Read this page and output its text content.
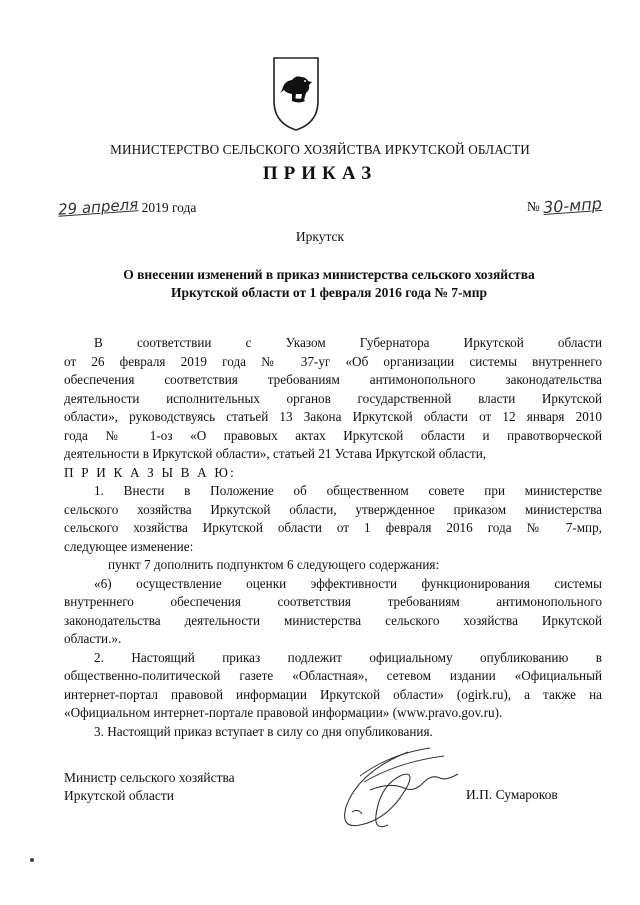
МИНИСТЕРСТВО СЕЛЬСКОГО ХОЗЯЙСТВА ИРКУТСКОЙ ОБЛАСТИ
ПРИКАЗ
29 апреля 2019 года	№ 30-мпр
Иркутск
О внесении изменений в приказ министерства сельского хозяйства
Иркутской области от 1 февраля 2016 года № 7-мпр

В соответствии с Указом Губернатора Иркутской области

от 26 февраля 2019 года № 37-уг «Об организации системы внутреннего

обеспечения соответствия требованиям антимонопольного законодательства

деятельности исполнительных органов государственной власти Иркутской

области», руководствуясь статьей 13 Закона Иркутской области от 12 января 2010

года № 1-оз «О правовых актах Иркутской области и правотворческой

деятельности в Иркутской области», статьей 21 Устава Иркутской области,

П Р И К А З Ы В А Ю:

1. Внести в Положение об общественном совете при министерстве

сельского хозяйства Иркутской области, утвержденное приказом министерства

сельского хозяйства Иркутской области от 1 февраля 2016 года № 7-мпр,

следующее изменение:

пункт 7 дополнить подпунктом 6 следующего содержания:

«6) осуществление оценки эффективности функционирования системы

внутреннего обеспечения соответствия требованиям антимонопольного

законодательства деятельности министерства сельского хозяйства Иркутской

области.».

2. Настоящий приказ подлежит официальному опубликованию в

общественно-политической газете «Областная», сетевом издании «Официальный

интернет-портал правовой информации Иркутской области» (ogirk.ru), а также на

«Официальном интернет-портале правовой информации» (www.pravo.gov.ru).

3. Настоящий приказ вступает в силу со дня опубликования.

Министр сельского хозяйства
Иркутской области	И.П. Сумароков
